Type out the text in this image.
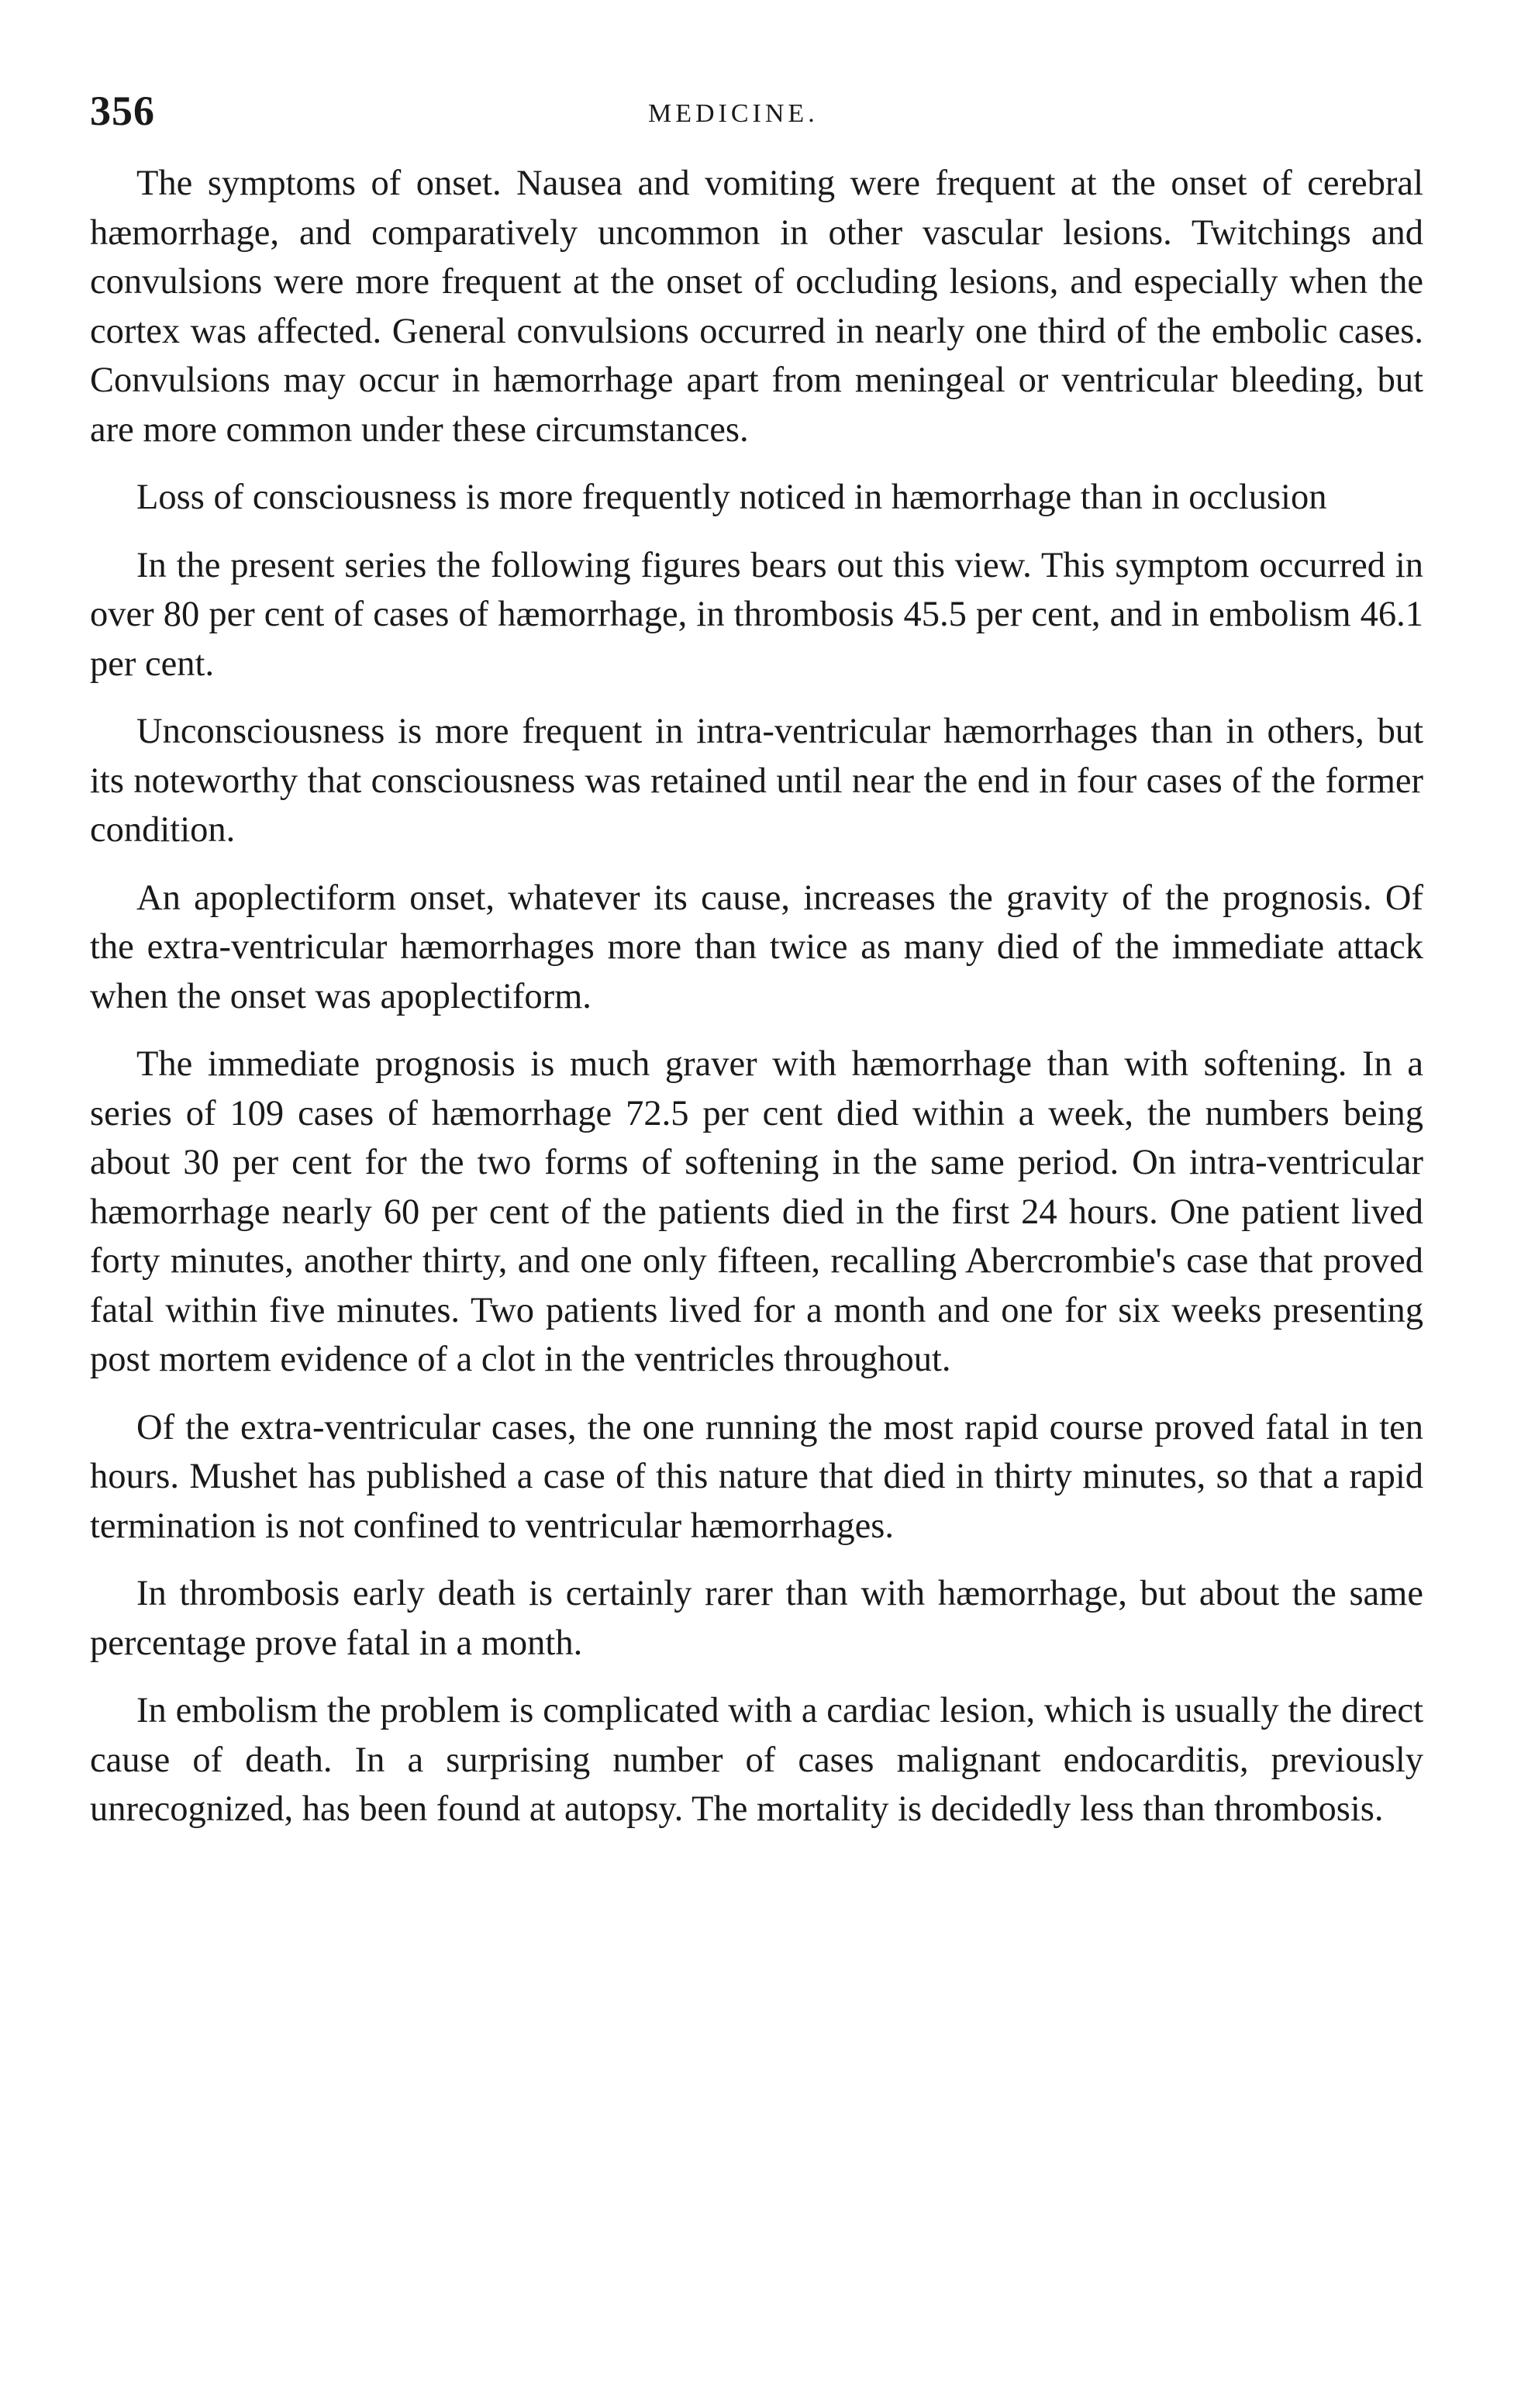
356	MEDICINE.

The symptoms of onset. Nausea and vomiting were frequent at the onset of cerebral hæmorrhage, and comparatively uncommon in other vascular lesions. Twitchings and convulsions were more frequent at the onset of occluding lesions, and especially when the cortex was affected. General convulsions occurred in nearly one third of the embolic cases. Convulsions may occur in hæmorrhage apart from meningeal or ventricular bleeding, but are more common under these circumstances.

Loss of consciousness is more frequently noticed in hæmorrhage than in occlusion

In the present series the following figures bears out this view. This symptom occurred in over 80 per cent of cases of hæmorrhage, in thrombosis 45.5 per cent, and in embolism 46.1 per cent.

Unconsciousness is more frequent in intra-ventricular hæmorrhages than in others, but its noteworthy that consciousness was retained until near the end in four cases of the former condition.

An apoplectiform onset, whatever its cause, increases the gravity of the prognosis. Of the extra-ventricular hæmorrhages more than twice as many died of the immediate attack when the onset was apoplectiform.

The immediate prognosis is much graver with hæmorrhage than with softening. In a series of 109 cases of hæmorrhage 72.5 per cent died within a week, the numbers being about 30 per cent for the two forms of softening in the same period. On intra-ventricular hæmorrhage nearly 60 per cent of the patients died in the first 24 hours. One patient lived forty minutes, another thirty, and one only fifteen, recalling Abercrombie's case that proved fatal within five minutes. Two patients lived for a month and one for six weeks presenting post mortem evidence of a clot in the ventricles throughout.

Of the extra-ventricular cases, the one running the most rapid course proved fatal in ten hours. Mushet has published a case of this nature that died in thirty minutes, so that a rapid termination is not confined to ventricular hæmorrhages.

In thrombosis early death is certainly rarer than with hæmorrhage, but about the same percentage prove fatal in a month.

In embolism the problem is complicated with a cardiac lesion, which is usually the direct cause of death. In a surprising number of cases malignant endocarditis, previously unrecognized, has been found at autopsy. The mortality is decidedly less than thrombosis.
